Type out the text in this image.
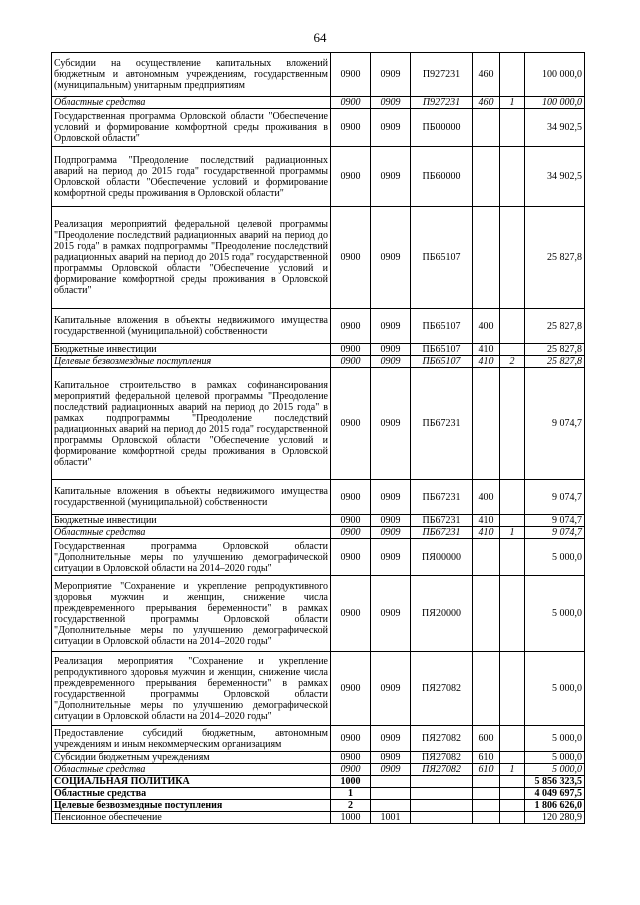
64
Субсидии на осуществление капитальных вложений бюджетным и автономным учреждениям, государственным (муниципальным) унитарным предприятиям	0900	0909	П927231	460		100 000,0
Областные средства	0900	0909	П927231	460	1	100 000,0
Государственная программа Орловской области "Обеспечение условий и формирование комфортной среды проживания в Орловской области"	0900	0909	ПБ00000			34 902,5
Подпрограмма "Преодоление последствий радиационных аварий на период до 2015 года" государственной программы Орловской области "Обеспечение условий и формирование комфортной среды проживания в Орловской области"	0900	0909	ПБ60000			34 902,5
Реализация мероприятий федеральной целевой программы "Преодоление последствий радиационных аварий на период до 2015 года" в рамках подпрограммы "Преодоление последствий радиационных аварий на период до 2015 года" государственной программы Орловской области "Обеспечение условий и формирование комфортной среды проживания в Орловской области"	0900	0909	ПБ65107			25 827,8
Капитальные вложения в объекты недвижимого имущества государственной (муниципальной) собственности	0900	0909	ПБ65107	400		25 827,8
Бюджетные инвестиции	0900	0909	ПБ65107	410		25 827,8
Целевые безвозмездные поступления	0900	0909	ПБ65107	410	2	25 827,8
Капитальное строительство в рамках софинансирования мероприятий федеральной целевой программы "Преодоление последствий радиационных аварий на период до 2015 года" в рамках подпрограммы "Преодоление последствий радиационных аварий на период до 2015 года" государственной программы Орловской области "Обеспечение условий и формирование комфортной среды проживания в Орловской области"	0900	0909	ПБ67231			9 074,7
Капитальные вложения в объекты недвижимого имущества государственной (муниципальной) собственности	0900	0909	ПБ67231	400		9 074,7
Бюджетные инвестиции	0900	0909	ПБ67231	410		9 074,7
Областные средства	0900	0909	ПБ67231	410	1	9 074,7
Государственная программа Орловской области "Дополнительные меры по улучшению демографической ситуации в Орловской области на 2014–2020 годы"	0900	0909	ПЯ00000			5 000,0
Мероприятие "Сохранение и укрепление репродуктивного здоровья мужчин и женщин, снижение числа преждевременного прерывания беременности" в рамках государственной программы Орловской области "Дополнительные меры по улучшению демографической ситуации в Орловской области на 2014–2020 годы"	0900	0909	ПЯ20000			5 000,0
Реализация мероприятия "Сохранение и укрепление репродуктивного здоровья мужчин и женщин, снижение числа преждевременного прерывания беременности" в рамках государственной программы Орловской области "Дополнительные меры по улучшению демографической ситуации в Орловской области на 2014–2020 годы"	0900	0909	ПЯ27082			5 000,0
Предоставление субсидий бюджетным, автономным учреждениям и иным некоммерческим организациям	0900	0909	ПЯ27082	600		5 000,0
Субсидии бюджетным учреждениям	0900	0909	ПЯ27082	610		5 000,0
Областные средства	0900	0909	ПЯ27082	610	1	5 000,0
СОЦИАЛЬНАЯ ПОЛИТИКА	1000					5 856 323,5
Областные средства	1					4 049 697,5
Целевые безвозмездные поступления	2					1 806 626,0
Пенсионное обеспечение	1000	1001				120 280,9
